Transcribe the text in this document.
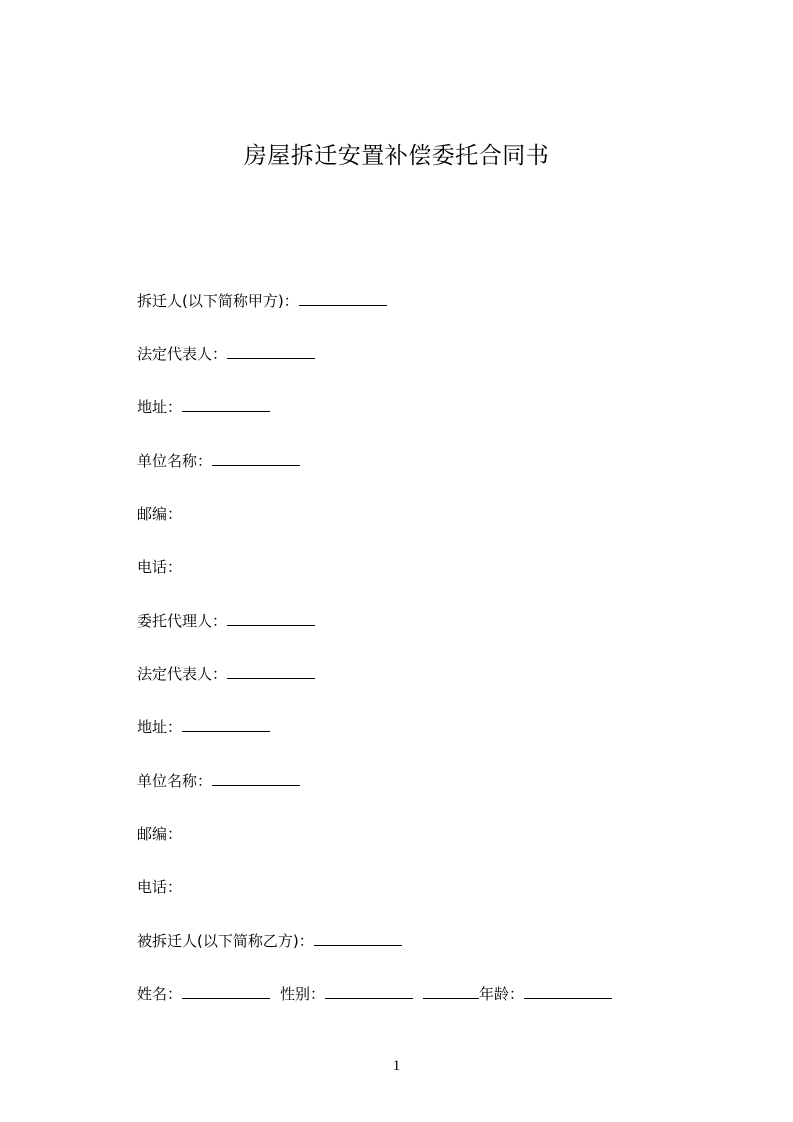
房屋拆迁安置补偿委托合同书
拆迁人(以下简称甲方)：
法定代表人：
地址：
单位名称：
邮编：
电话：
委托代理人：
法定代表人：
地址：
单位名称：
邮编：
电话：
被拆迁人(以下简称乙方)：
姓名：	性别：	年龄：
1
